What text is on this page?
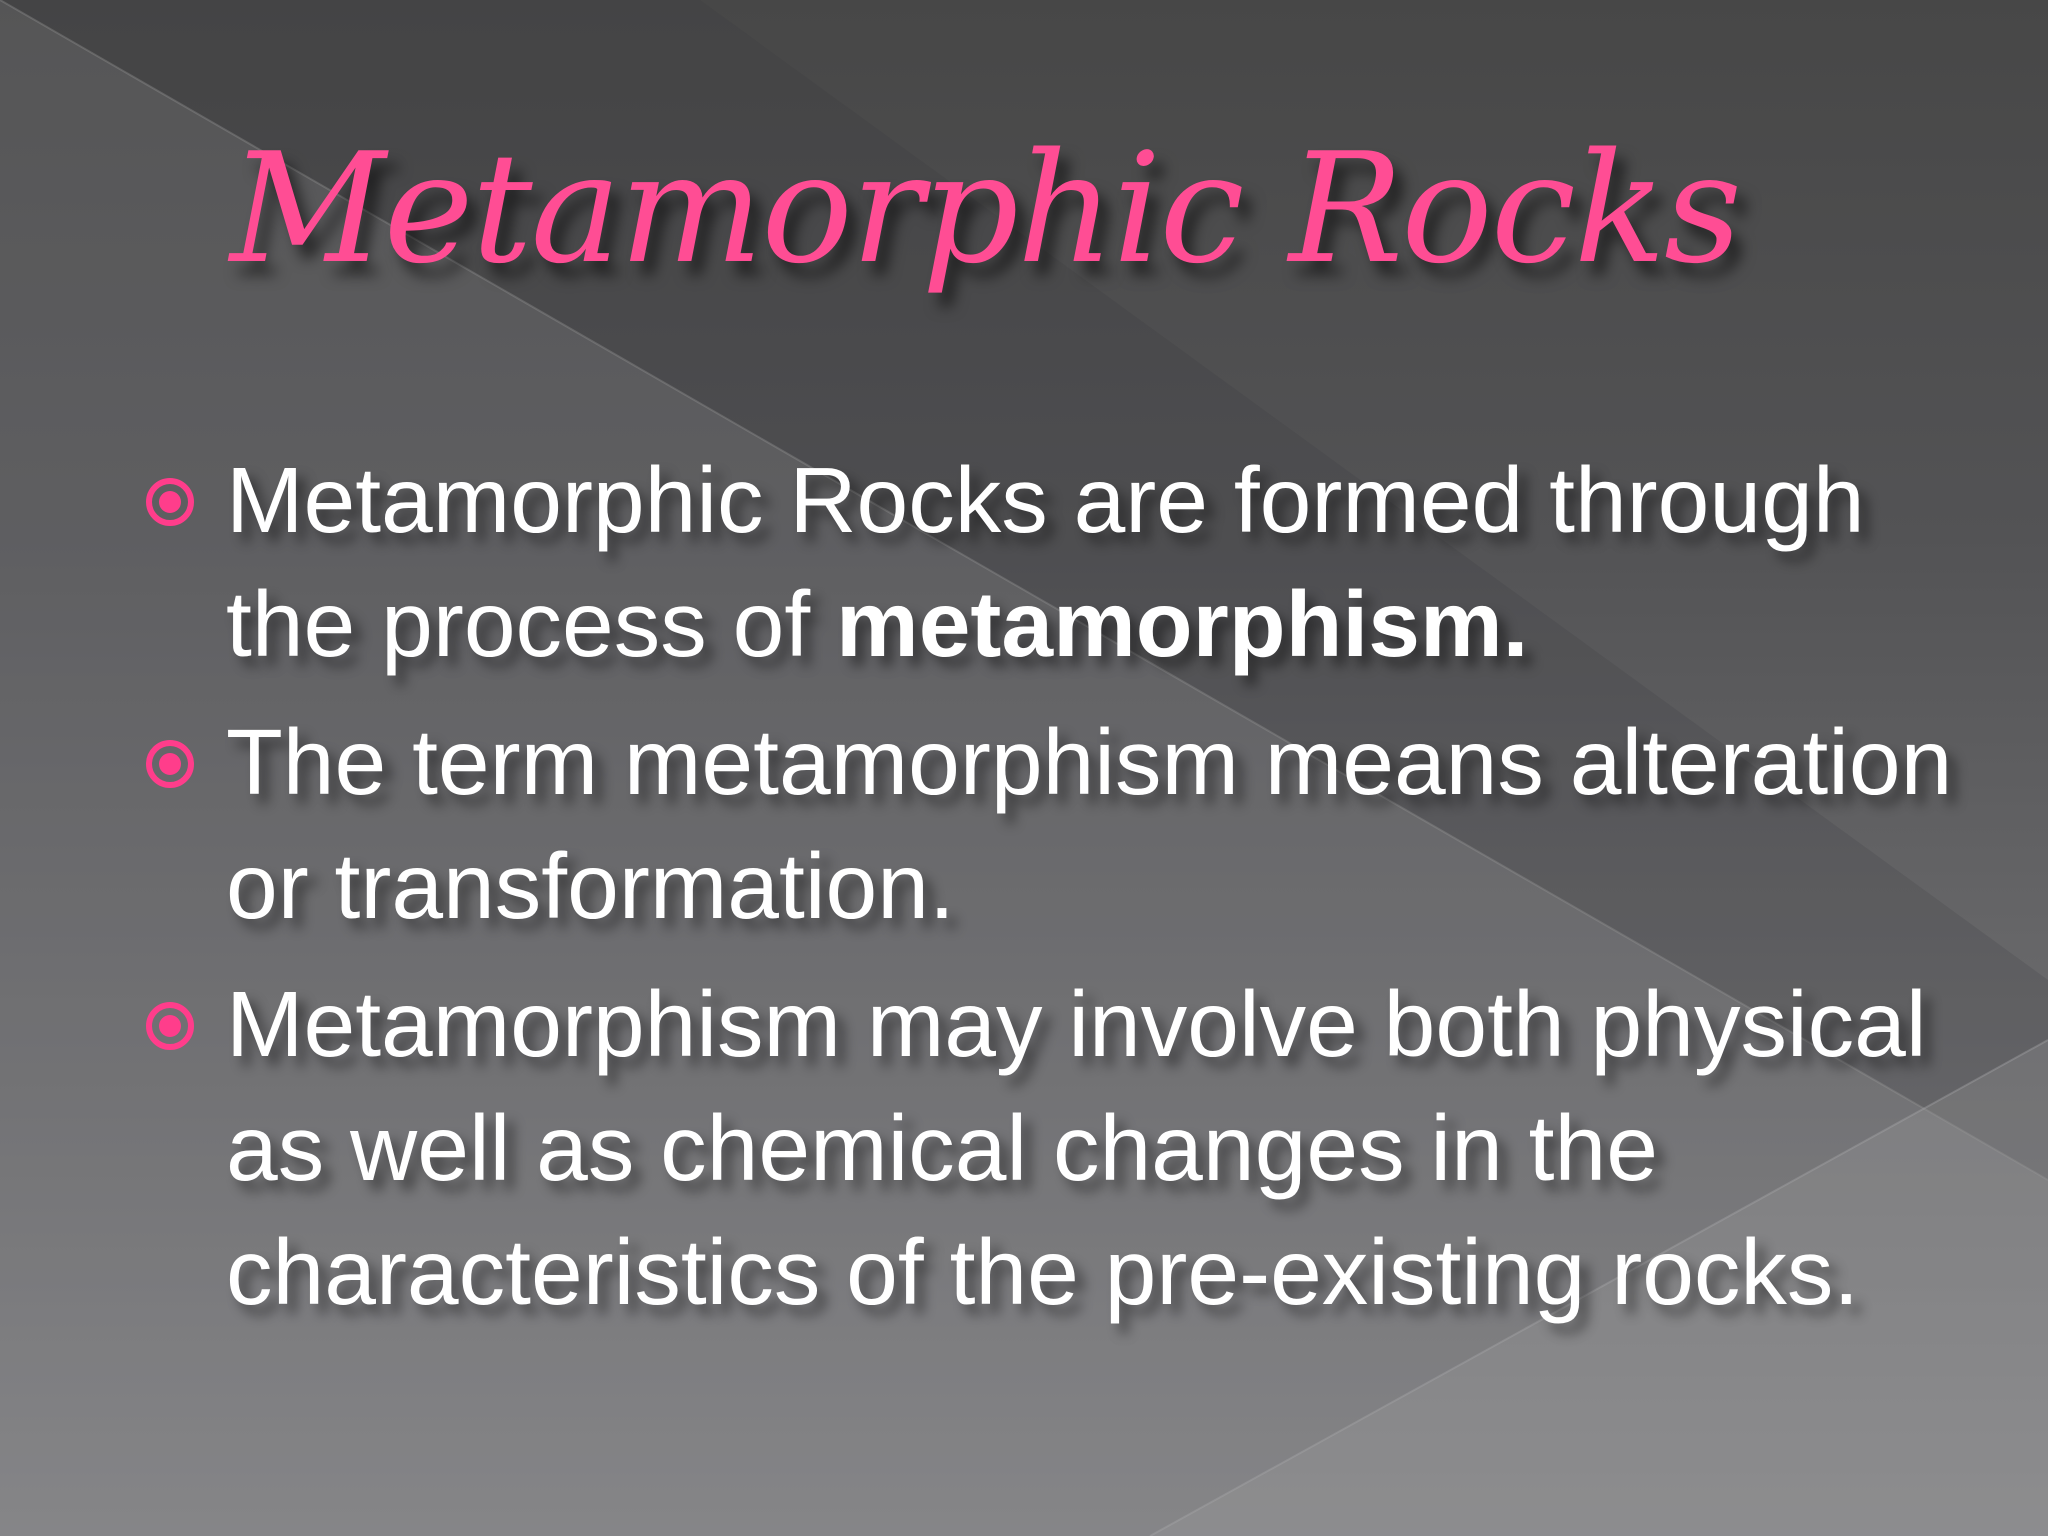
Metamorphic Rocks
Metamorphic Rocks are formed through the process of metamorphism.
The term metamorphism means alteration or transformation.
Metamorphism may involve both physical as well as chemical changes in the characteristics of the pre-existing rocks.
